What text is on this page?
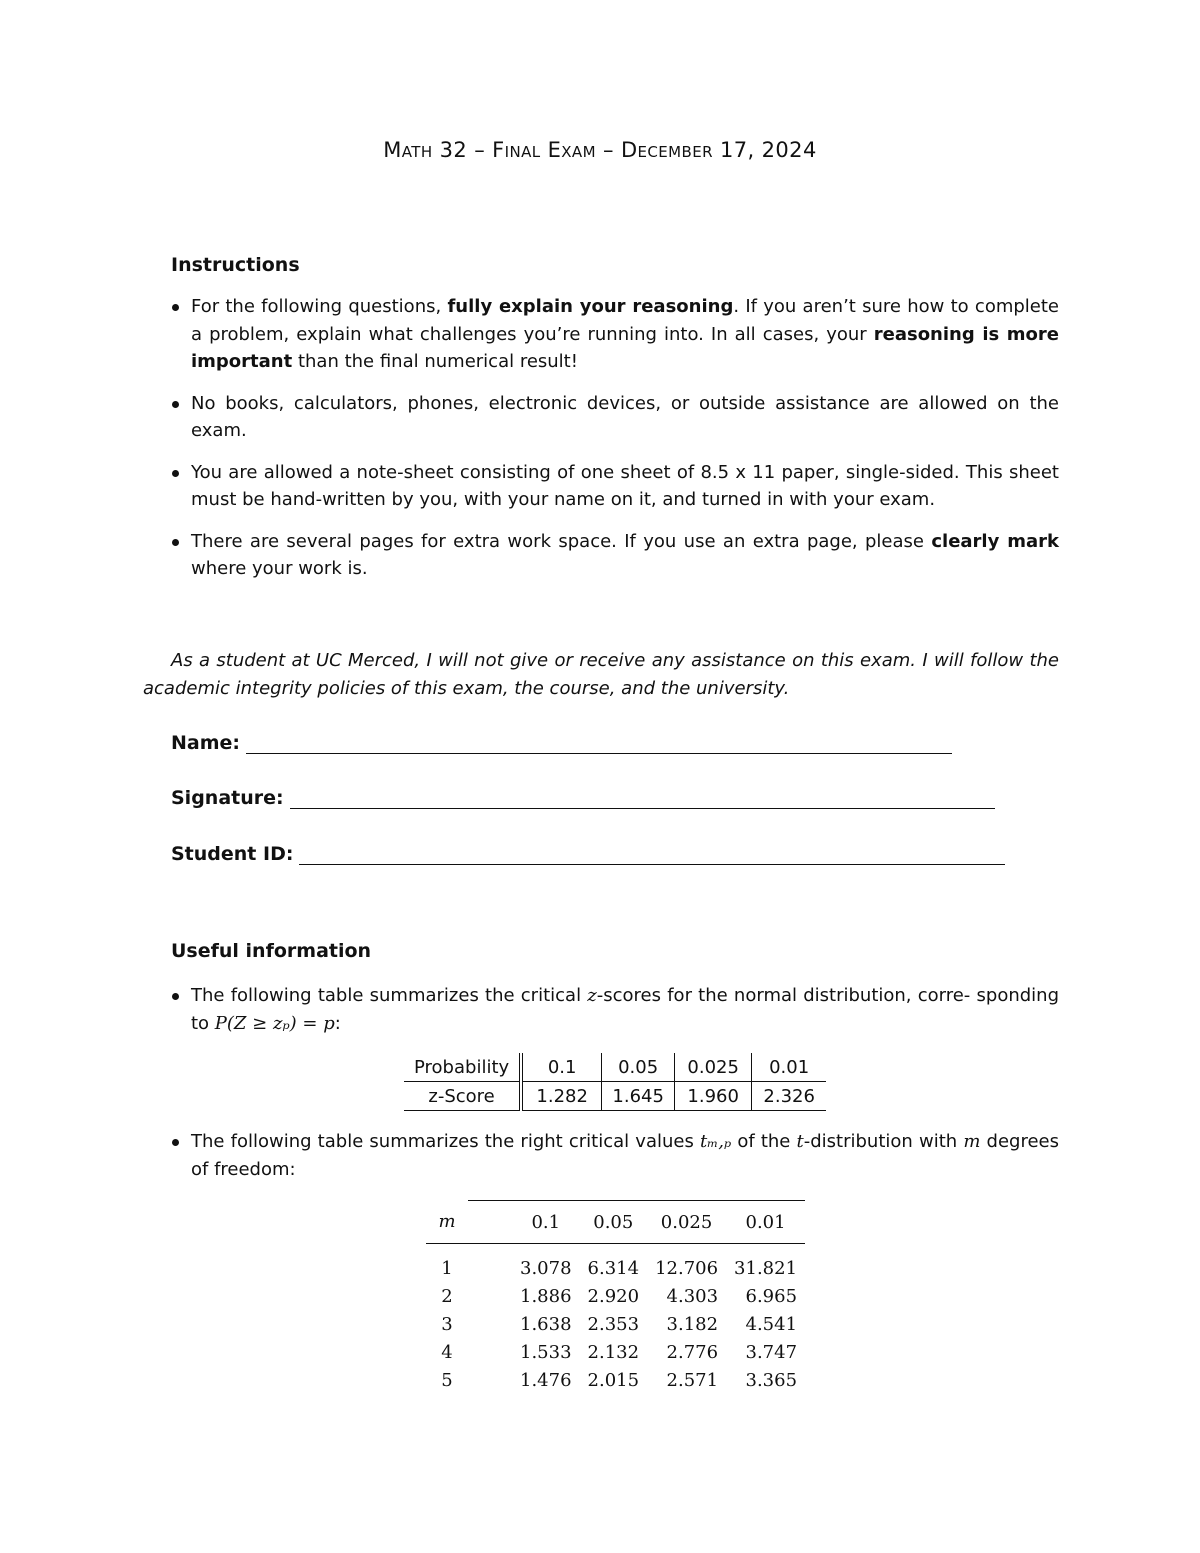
Math 32 – Final Exam – December 17, 2024
Instructions
For the following questions, fully explain your reasoning. If you aren’t sure how to complete a problem, explain what challenges you’re running into. In all cases, your reasoning is more important than the final numerical result!
No books, calculators, phones, electronic devices, or outside assistance are allowed on the exam.
You are allowed a note-sheet consisting of one sheet of 8.5 x 11 paper, single-sided. This sheet must be hand-written by you, with your name on it, and turned in with your exam.
There are several pages for extra work space. If you use an extra page, please clearly mark where your work is.

As a student at UC Merced, I will not give or receive any assistance on this exam. I will follow the academic integrity policies of this exam, the course, and the university.

Name:
Signature:
Student ID:
Useful information
The following table summarizes the critical z-scores for the normal distribution, corre- sponding to P(Z ≥ zₚ) = p:
Probability	0.1	0.05	0.025	0.01
z-Score	1.282	1.645	1.960	2.326
The following table summarizes the right critical values tₘ,ₚ of the t-distribution with m degrees of freedom:
m		0.1	0.05	0.025	0.01
1		3.078	6.314	12.706	31.821
2		1.886	2.920	4.303	6.965
3		1.638	2.353	3.182	4.541
4		1.533	2.132	2.776	3.747
5		1.476	2.015	2.571	3.365
